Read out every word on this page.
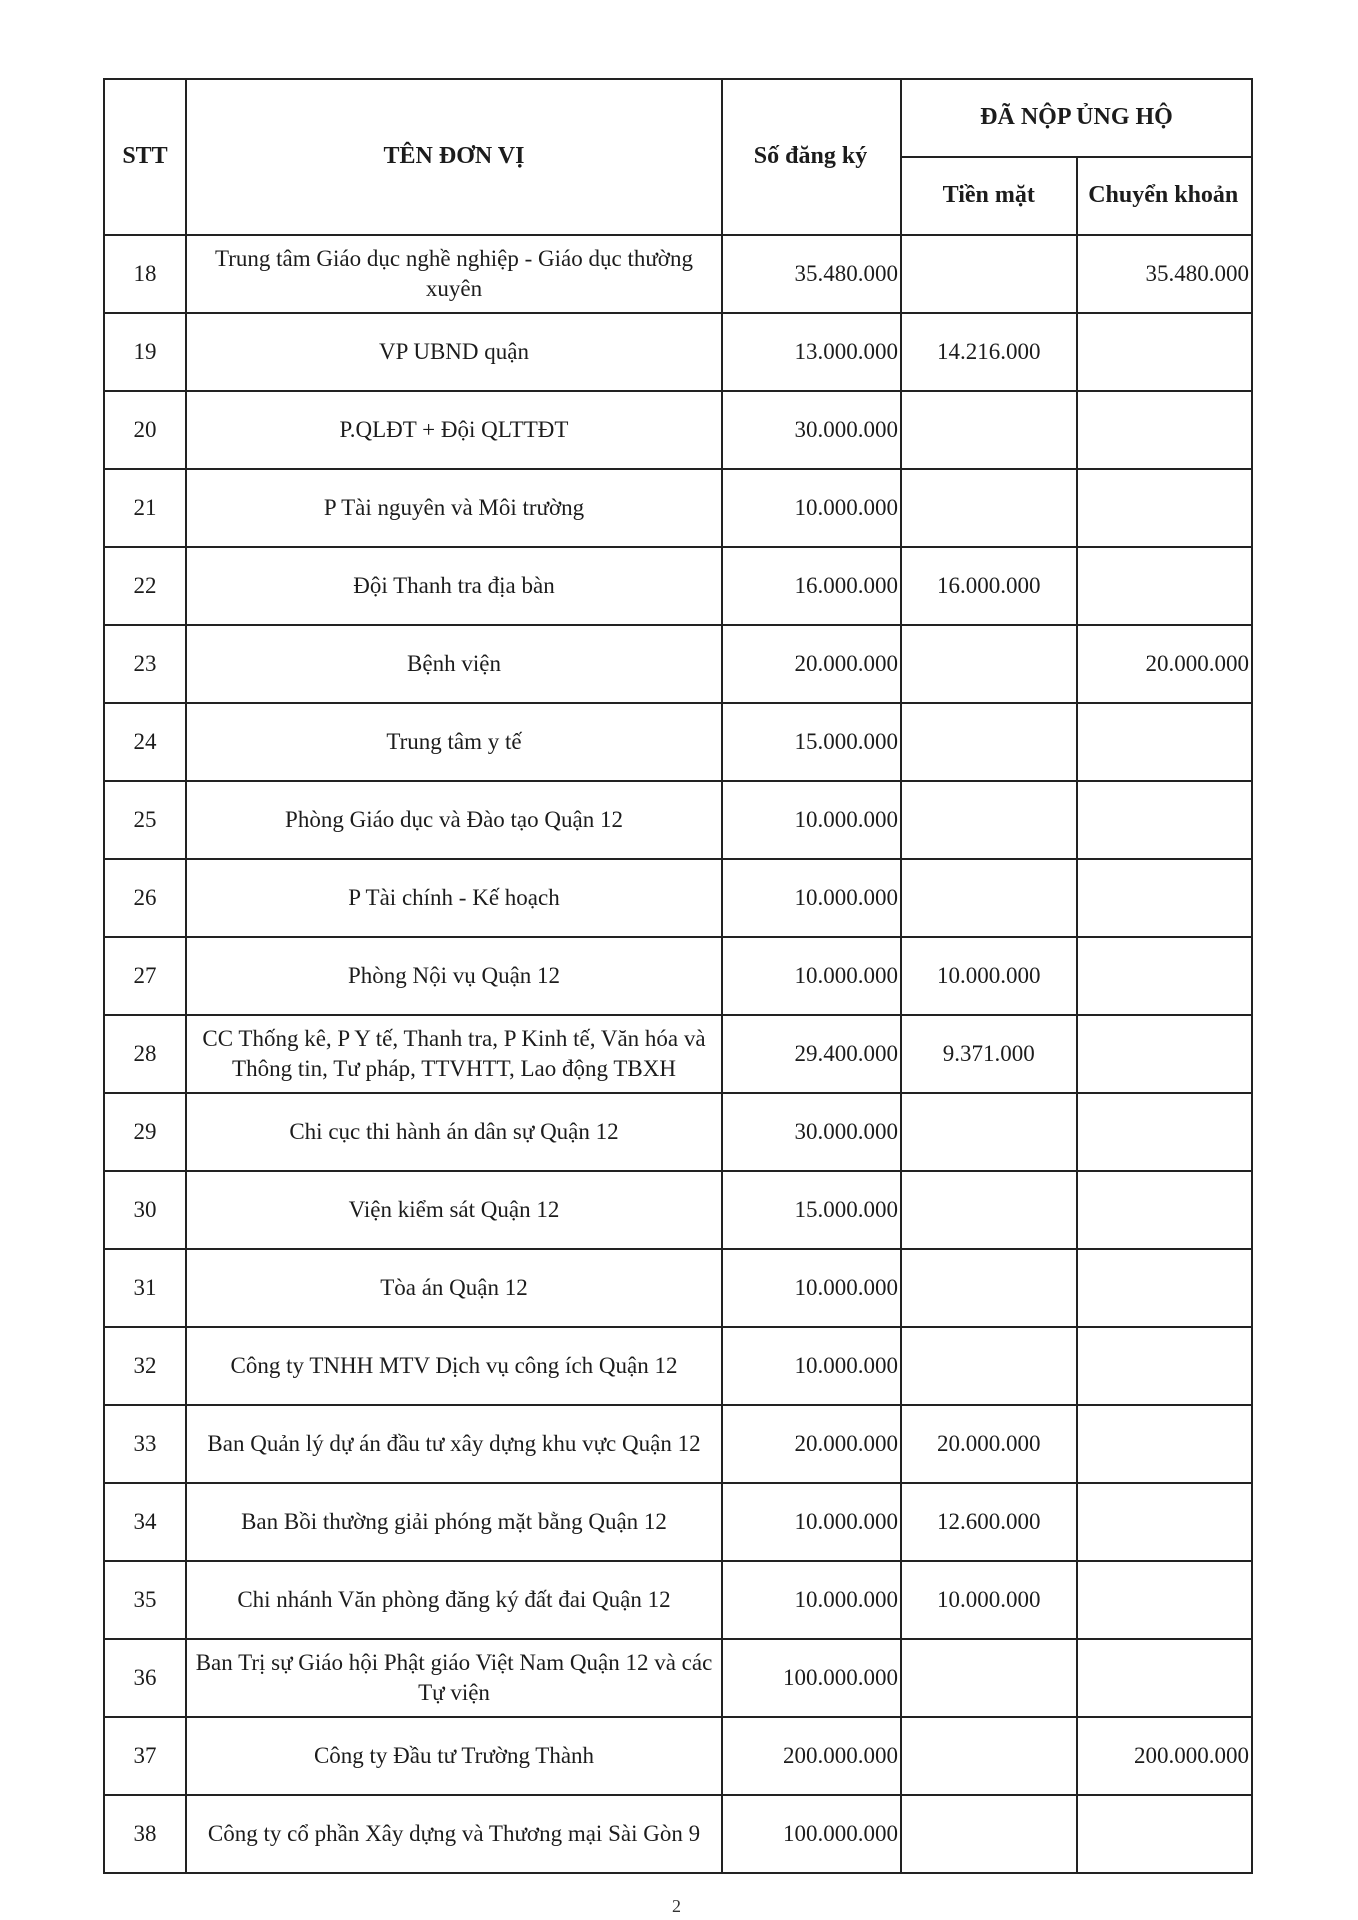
STT	TÊN ĐƠN VỊ	Số đăng ký	ĐÃ NỘP ỦNG HỘ	
			Tiền mặt	Chuyển khoản
18	Trung tâm Giáo dục nghề nghiệp - Giáo dục thường xuyên	35.480.000		35.480.000
19	VP UBND quận	13.000.000	14.216.000	
20	P.QLĐT + Đội QLTTĐT	30.000.000		
21	P Tài nguyên và Môi trường	10.000.000		
22	Đội Thanh tra địa bàn	16.000.000	16.000.000	
23	Bệnh viện	20.000.000		20.000.000
24	Trung tâm y tế	15.000.000		
25	Phòng Giáo dục và Đào tạo Quận 12	10.000.000		
26	P Tài chính - Kế hoạch	10.000.000		
27	Phòng Nội vụ Quận 12	10.000.000	10.000.000	
28	CC Thống kê, P Y tế, Thanh tra, P Kinh tế, Văn hóa và Thông tin, Tư pháp, TTVHTT, Lao động TBXH	29.400.000	9.371.000	
29	Chi cục thi hành án dân sự Quận 12	30.000.000		
30	Viện kiểm sát Quận 12	15.000.000		
31	Tòa án Quận 12	10.000.000		
32	Công ty TNHH MTV Dịch vụ công ích Quận 12	10.000.000		
33	Ban Quản lý dự án đầu tư xây dựng khu vực Quận 12	20.000.000	20.000.000	
34	Ban Bồi thường giải phóng mặt bằng Quận 12	10.000.000	12.600.000	
35	Chi nhánh Văn phòng đăng ký đất đai Quận 12	10.000.000	10.000.000	
36	Ban Trị sự Giáo hội Phật giáo Việt Nam Quận 12 và các Tự viện	100.000.000		
37	Công ty Đầu tư Trường Thành	200.000.000		200.000.000
38	Công ty cổ phần Xây dựng và Thương mại Sài Gòn 9	100.000.000		
2
